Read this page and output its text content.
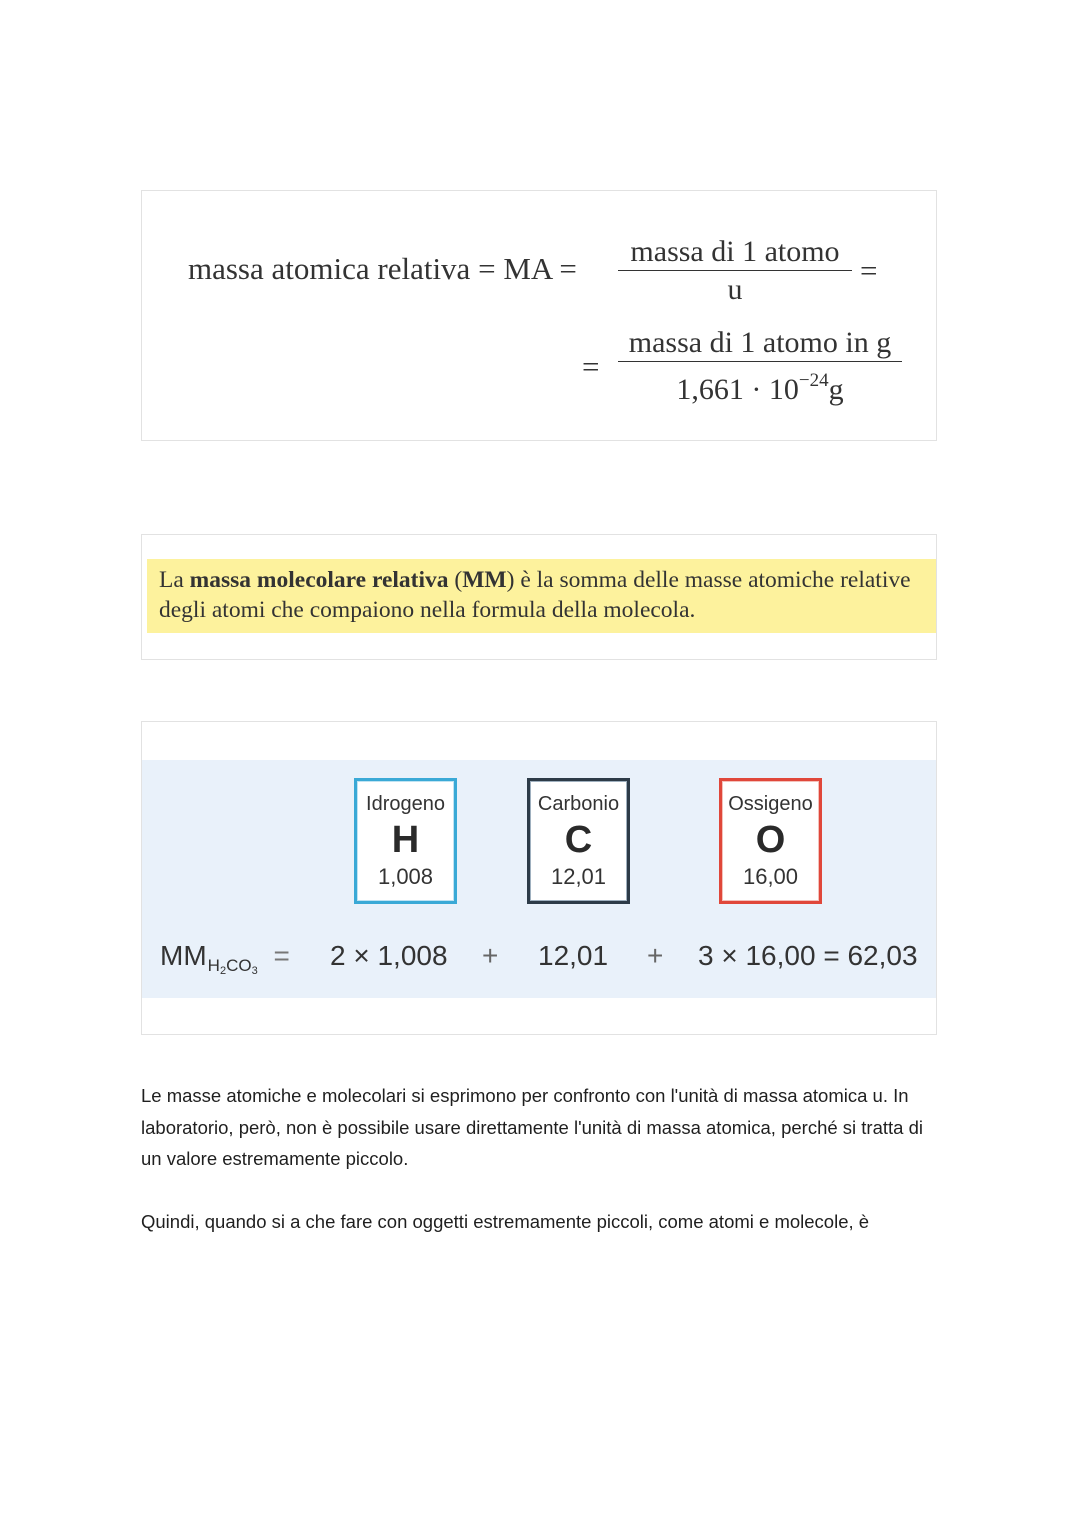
massa atomica relativa = MA =	massa di 1 atomo
u
=
=
massa di 1 atomo in g
$1,661 \cdot 10^{-24}g$
La massa molecolare relativa (MM) è la somma delle masse atomiche relative degli atomi che compaiono nella formula della molecola.
Idrogeno
H
1,008
Carbonio
C
12,01
Ossigeno
O
16,00
$MM_{H2CO3} = 2 \times 1,008 + 12,01 + 3 \times 16,00 = 62,03$

Le masse atomiche e molecolari si esprimono per confronto con l'unità di massa atomica u. In laboratorio, però, non è possibile usare direttamente l'unità di massa atomica, perché si tratta di un valore estremamente piccolo.

Quindi, quando si a che fare con oggetti estremamente piccoli, come atomi e molecole, è
